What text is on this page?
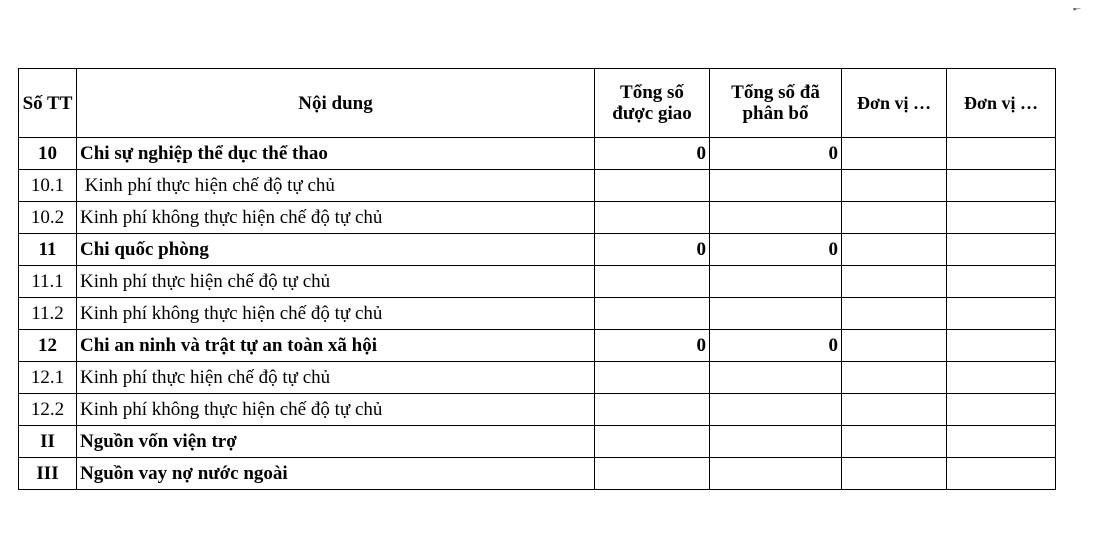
▪·̶
Số TT	Nội dung	Tổng số được giao	Tổng số đã phân bổ	Đơn vị …	Đơn vị …
10	Chi sự nghiệp thể dục thể thao	0	0		
10.1	Kinh phí thực hiện chế độ tự chủ				
10.2	Kinh phí không thực hiện chế độ tự chủ				
11	Chi quốc phòng	0	0		
11.1	Kinh phí thực hiện chế độ tự chủ				
11.2	Kinh phí không thực hiện chế độ tự chủ				
12	Chi an ninh và trật tự an toàn xã hội	0	0		
12.1	Kinh phí thực hiện chế độ tự chủ				
12.2	Kinh phí không thực hiện chế độ tự chủ				
II	Nguồn vốn viện trợ				
III	Nguồn vay nợ nước ngoài				
